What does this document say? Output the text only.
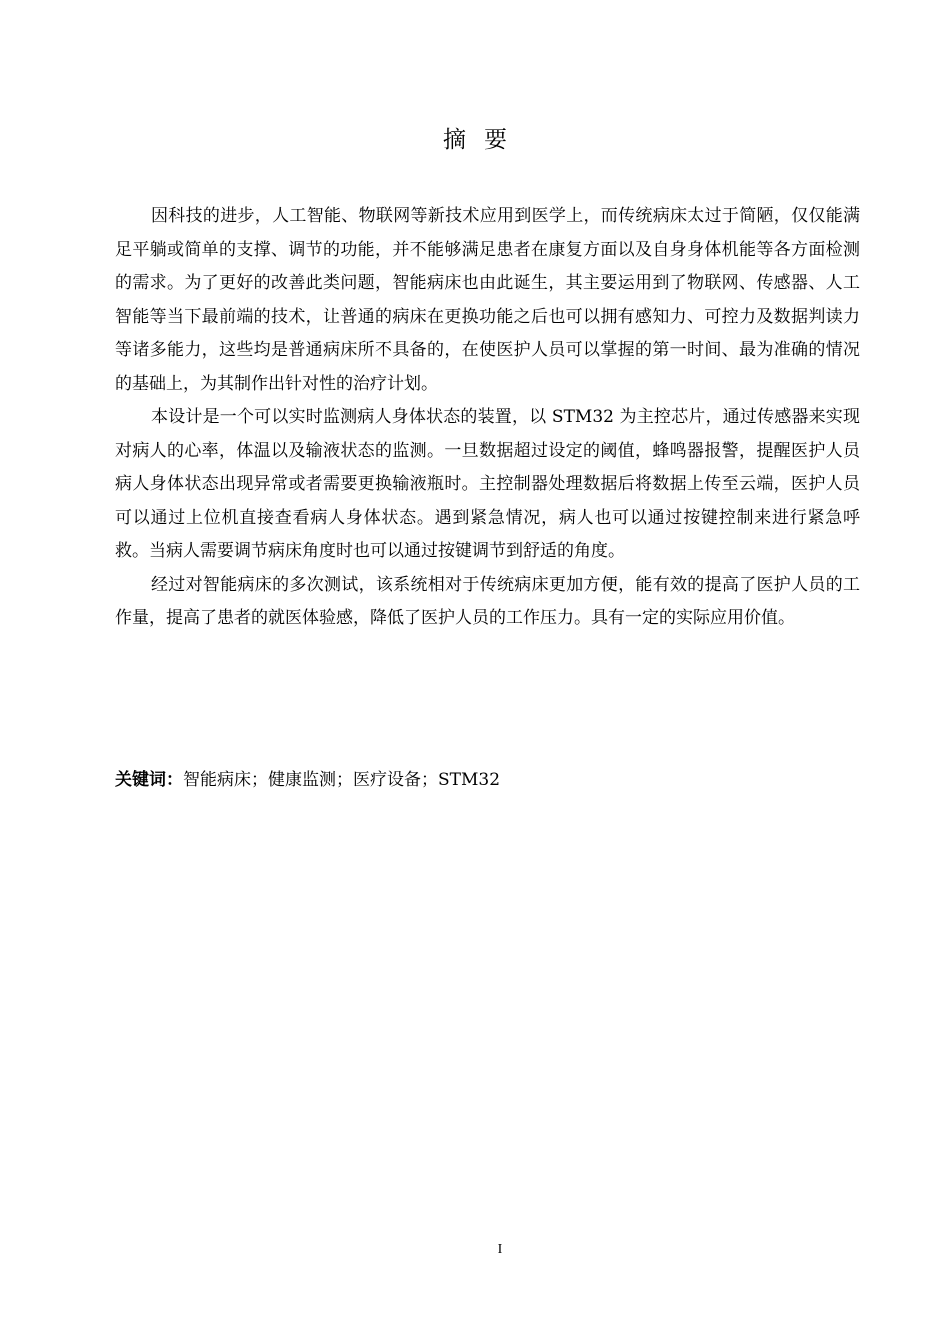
摘要

因科技的进步，人工智能、物联网等新技术应用到医学上，而传统病床太过于简陋，仅仅能满足平躺或简单的支撑、调节的功能，并不能够满足患者在康复方面以及自身身体机能等各方面检测的需求。为了更好的改善此类问题，智能病床也由此诞生，其主要运用到了物联网、传感器、人工智能等当下最前端的技术，让普通的病床在更换功能之后也可以拥有感知力、可控力及数据判读力等诸多能力，这些均是普通病床所不具备的，在使医护人员可以掌握的第一时间、最为准确的情况的基础上，为其制作出针对性的治疗计划。

本设计是一个可以实时监测病人身体状态的装置，以 STM32 为主控芯片，通过传感器来实现对病人的心率，体温以及输液状态的监测。一旦数据超过设定的阈值，蜂鸣器报警，提醒医护人员病人身体状态出现异常或者需要更换输液瓶时。主控制器处理数据后将数据上传至云端，医护人员可以通过上位机直接查看病人身体状态。遇到紧急情况，病人也可以通过按键控制来进行紧急呼救。当病人需要调节病床角度时也可以通过按键调节到舒适的角度。

经过对智能病床的多次测试，该系统相对于传统病床更加方便，能有效的提高了医护人员的工作量，提高了患者的就医体验感，降低了医护人员的工作压力。具有一定的实际应用价值。

关键词：智能病床；健康监测；医疗设备；STM32
I
